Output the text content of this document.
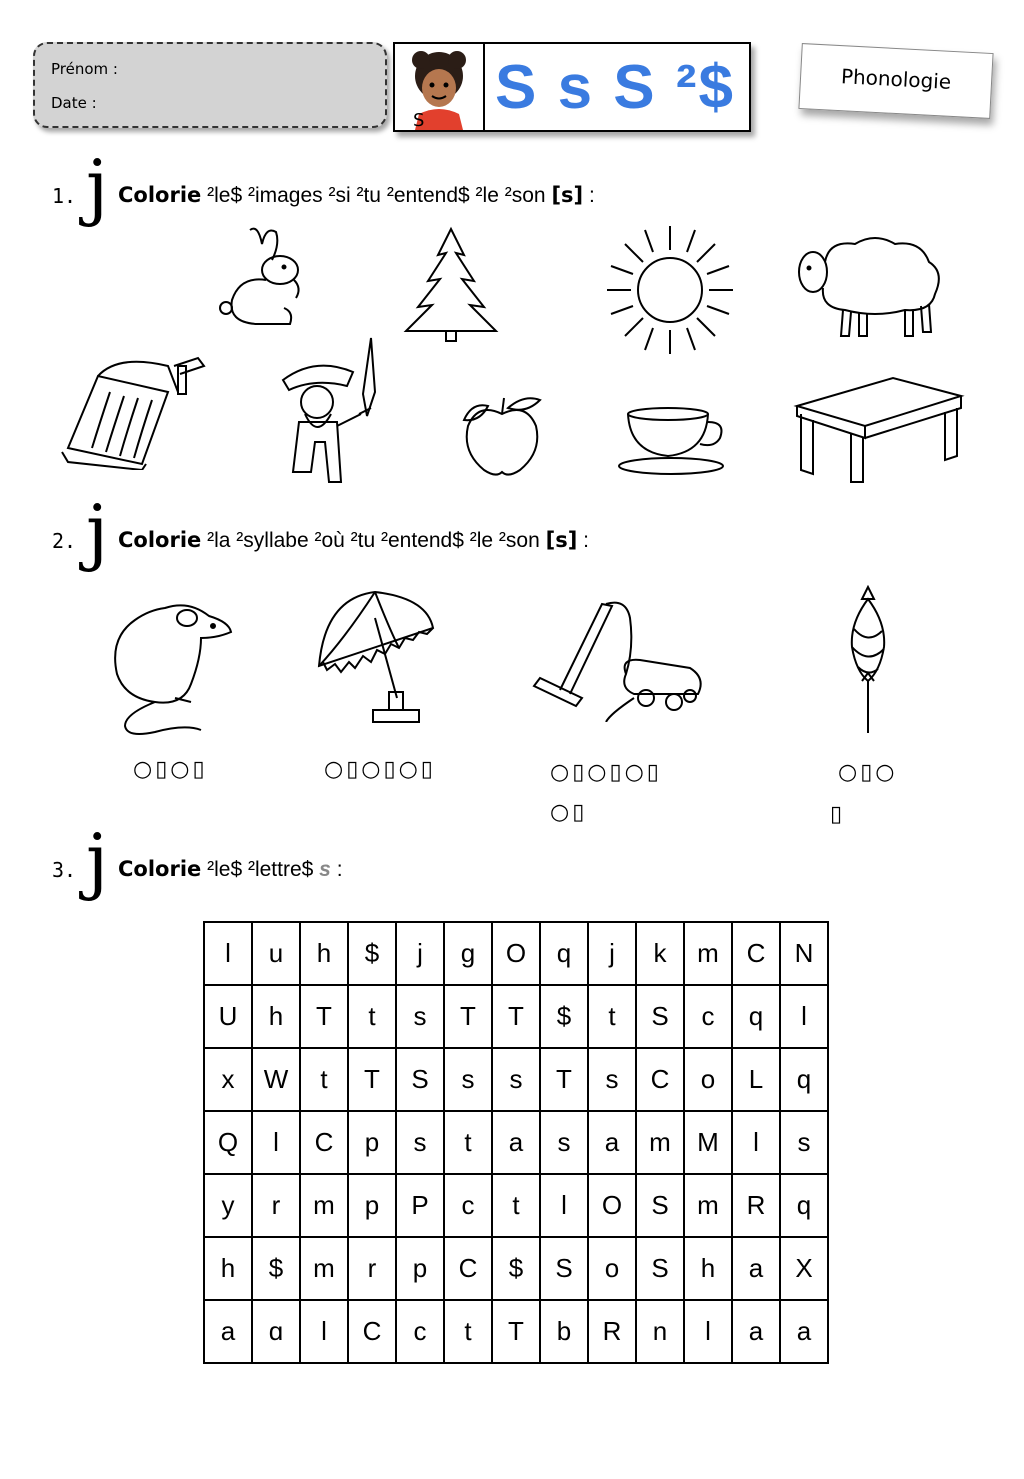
Prénom :
Date :
S S s S ²$	Phonologie
1. j Colorie ²le$ ²images ²si ²tu ²entend$ ²le ²son [s] :
2. j Colorie ²la ²syllabe ²où ²tu ²entend$ ²le ²son [s] :
○▯○▯	○▯○▯○▯	○▯○▯○▯
○▯
○▯○
▯
3. j Colorie ²le$ ²lettre$ s :
l	u	h	$	j	g	O	q	j	k	m	C	N
U	h	T	t	s	T	T	$	t	S	c	q	l
x	W	t	T	S	s	s	T	s	C	o	L	q
Q	l	C	p	s	t	a	s	a	m	M	l	s
y	r	m	p	P	c	t	l	O	S	m	R	q
h	$	m	r	p	C	$	S	o	S	h	a	X
a	ɑ	l	C	c	t	T	b	R	n	l	a	a
